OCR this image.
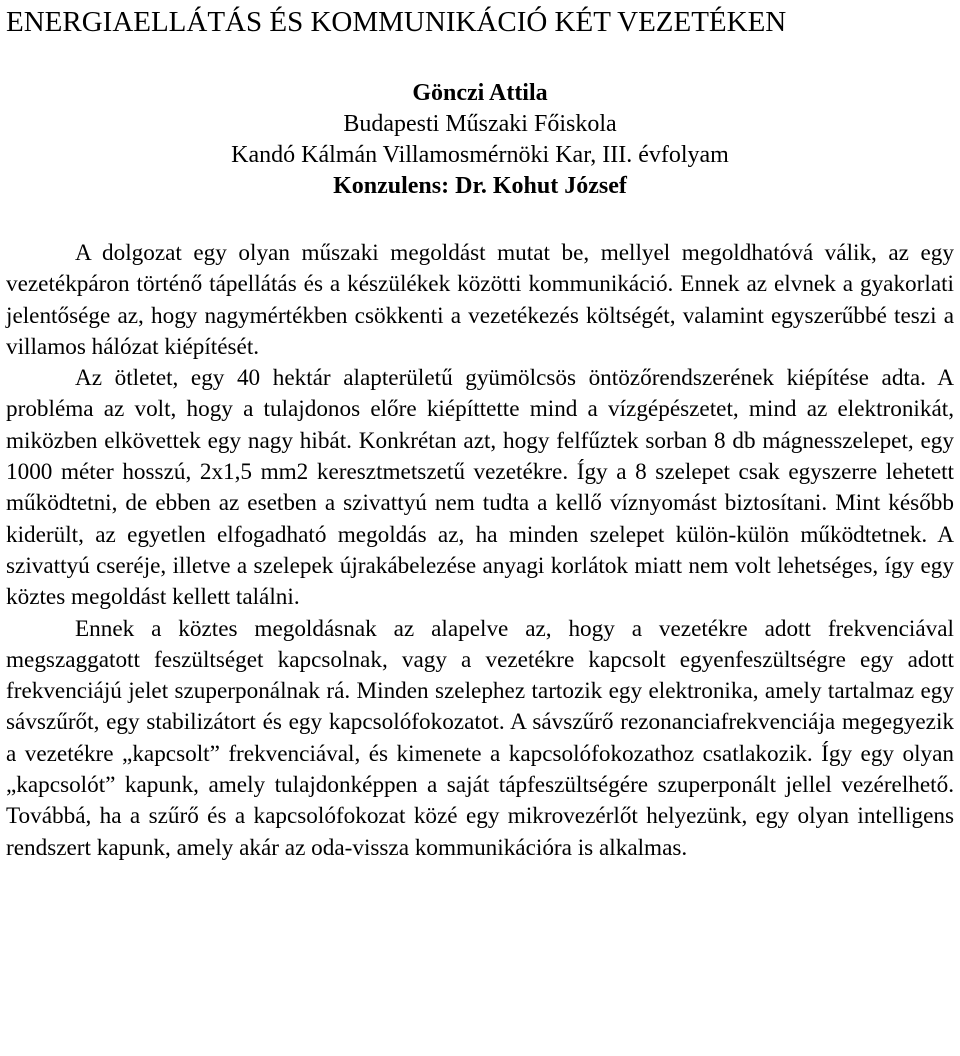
ENERGIAELLÁTÁS ÉS KOMMUNIKÁCIÓ KÉT VEZETÉKEN
Gönczi Attila
Budapesti Műszaki Főiskola
Kandó Kálmán Villamosmérnöki Kar, III. évfolyam
Konzulens: Dr. Kohut József

A dolgozat egy olyan műszaki megoldást mutat be, mellyel megoldhatóvá válik, az egy vezetékpáron történő tápellátás és a készülékek közötti kommunikáció. Ennek az elvnek a gyakorlati jelentősége az, hogy nagymértékben csökkenti a vezetékezés költségét, valamint egyszerűbbé teszi a villamos hálózat kiépítését.

Az ötletet, egy 40 hektár alapterületű gyümölcsös öntözőrendszerének kiépítése adta. A probléma az volt, hogy a tulajdonos előre kiépíttette mind a vízgépészetet, mind az elektronikát, miközben elkövettek egy nagy hibát. Konkrétan azt, hogy felfűztek sorban 8 db mágnesszelepet, egy 1000 méter hosszú, 2x1,5 mm2 keresztmetszetű vezetékre. Így a 8 szelepet csak egyszerre lehetett működtetni, de ebben az esetben a szivattyú nem tudta a kellő víznyomást biztosítani. Mint később kiderült, az egyetlen elfogadható megoldás az, ha minden szelepet külön-külön működtetnek. A szivattyú cseréje, illetve a szelepek újrakábelezése anyagi korlátok miatt nem volt lehetséges, így egy köztes megoldást kellett találni.

Ennek a köztes megoldásnak az alapelve az, hogy a vezetékre adott frekvenciával megszaggatott feszültséget kapcsolnak, vagy a vezetékre kapcsolt egyenfeszültségre egy adott frekvenciájú jelet szuperponálnak rá. Minden szelephez tartozik egy elektronika, amely tartalmaz egy sávszűrőt, egy stabilizátort és egy kapcsolófokozatot. A sávszűrő rezonanciafrekvenciája megegyezik a vezetékre „kapcsolt” frekvenciával, és kimenete a kapcsolófokozathoz csatlakozik. Így egy olyan „kapcsolót” kapunk, amely tulajdonképpen a saját tápfeszültségére szuperponált jellel vezérelhető. Továbbá, ha a szűrő és a kapcsolófokozat közé egy mikrovezérlőt helyezünk, egy olyan intelligens rendszert kapunk, amely akár az oda-vissza kommunikációra is alkalmas.
